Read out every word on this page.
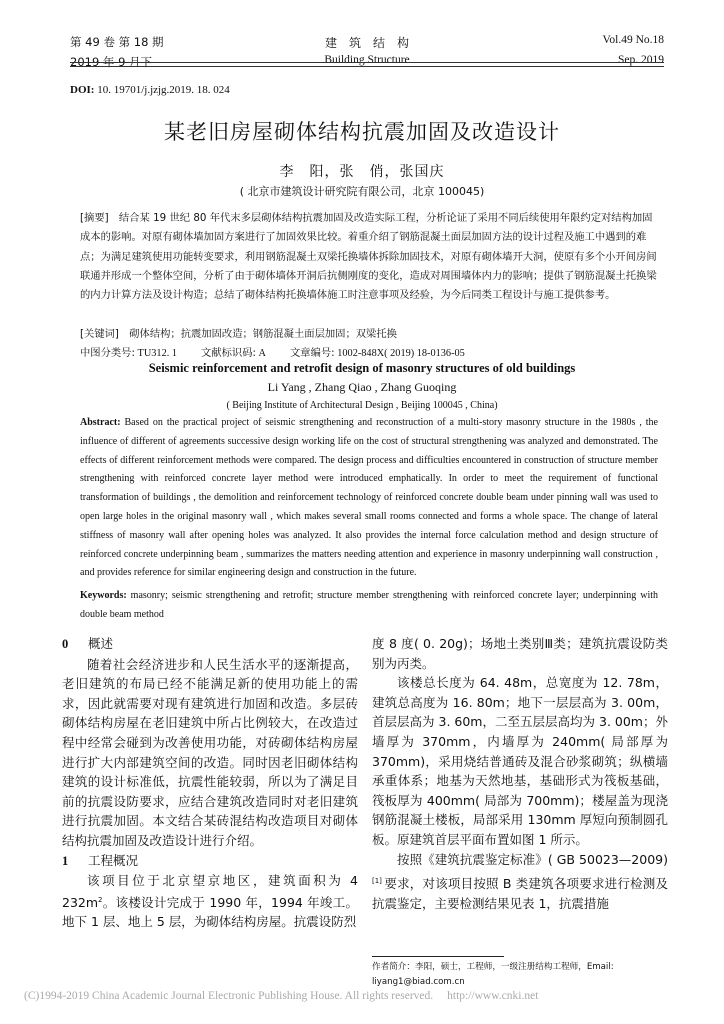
第 49 卷 第 18 期	建筑结构	Vol.49 No.18
2019 年 9 月下	Building Structure	Sep. 2019
DOI: 10. 19701/j.jzjg.2019. 18. 024
某老旧房屋砌体结构抗震加固及改造设计
李　阳，张　俏，张国庆
( 北京市建筑设计研究院有限公司，北京 100045)
[摘要]　结合某 19 世纪 80 年代末多层砌体结构抗震加固及改造实际工程，分析论证了采用不同后续使用年限约定对结构加固成本的影响。对原有砌体墙加固方案进行了加固效果比较。着重介绍了钢筋混凝土面层加固方法的设计过程及施工中遇到的难点；为满足建筑使用功能转变要求，利用钢筋混凝土双梁托换墙体拆除加固技术，对原有砌体墙开大洞，使原有多个小开间房间联通并形成一个整体空间，分析了由于砌体墙体开洞后抗侧刚度的变化，造成对周围墙体内力的影响；提供了钢筋混凝土托换梁的内力计算方法及设计构造；总结了砌体结构托换墙体施工时注意事项及经验，为今后同类工程设计与施工提供参考。
[关键词]　砌体结构；抗震加固改造；钢筋混凝土面层加固；双梁托换
中图分类号: TU312. 1 文献标识码: A 文章编号: 1002-848X( 2019) 18-0136-05
Seismic reinforcement and retrofit design of masonry structures of old buildings
Li Yang , Zhang Qiao , Zhang Guoqing
( Beijing Institute of Architectural Design , Beijing 100045 , China)
Abstract: Based on the practical project of seismic strengthening and reconstruction of a multi-story masonry structure in the 1980s , the influence of different of agreements successive design working life on the cost of structural strengthening was analyzed and demonstrated. The effects of different reinforcement methods were compared. The design process and difficulties encountered in construction of structure member strengthening with reinforced concrete layer method were introduced emphatically. In order to meet the requirement of functional transformation of buildings , the demolition and reinforcement technology of reinforced concrete double beam under pinning wall was used to open large holes in the original masonry wall , which makes several small rooms connected and forms a whole space. The change of lateral stiffness of masonry wall after opening holes was analyzed. It also provides the internal force calculation method and design structure of reinforced concrete underpinning beam , summarizes the matters needing attention and experience in masonry underpinning wall construction , and provides reference for similar engineering design and construction in the future.
Keywords: masonry; seismic strengthening and retrofit; structure member strengthening with reinforced concrete layer; underpinning with double beam method
0 概述
随着社会经济进步和人民生活水平的逐渐提高，老旧建筑的布局已经不能满足新的使用功能上的需求，因此就需要对现有建筑进行加固和改造。多层砖砌体结构房屋在老旧建筑中所占比例较大，在改造过程中经常会碰到为改善使用功能，对砖砌体结构房屋进行扩大内部建筑空间的改造。同时因老旧砌体结构建筑的设计标准低，抗震性能较弱，所以为了满足目前的抗震设防要求，应结合建筑改造同时对老旧建筑进行抗震加固。本文结合某砖混结构改造项目对砌体结构抗震加固及改造设计进行介绍。
1 工程概况
该项目位于北京望京地区，建筑面积为 4 $232m^2$。该楼设计完成于 1990 年，1994 年竣工。地下 1 层、地上 5 层，为砌体结构房屋。抗震设防烈
度 8 度( 0. 20g)；场地土类别Ⅲ类；建筑抗震设防类别为丙类。
该楼总长度为 64. 48m，总宽度为 12. 78m，建筑总高度为 16. 80m；地下一层层高为 3. 00m，首层层高为 3. 60m，二至五层层高均为 3. 00m；外墙厚为 370mm，内墙厚为 240mm( 局部厚为 370mm)，采用烧结普通砖及混合砂浆砌筑；纵横墙承重体系；地基为天然地基，基础形式为筏板基础，筏板厚为 400mm( 局部为 700mm)；楼屋盖为现浇钢筋混凝土楼板，局部采用 130mm 厚短向预制圆孔板。原建筑首层平面布置如图 1 所示。
按照《建筑抗震鉴定标准》( GB 50023—2009) [1] 要求，对该项目按照 B 类建筑各项要求进行检测及抗震鉴定，主要检测结果见表 1，抗震措施
作者简介：李阳，硕士，工程师，一级注册结构工程师，Email: liyang1@biad.com.cn
(C)1994-2019 China Academic Journal Electronic Publishing House. All rights reserved. http://www.cnki.net
